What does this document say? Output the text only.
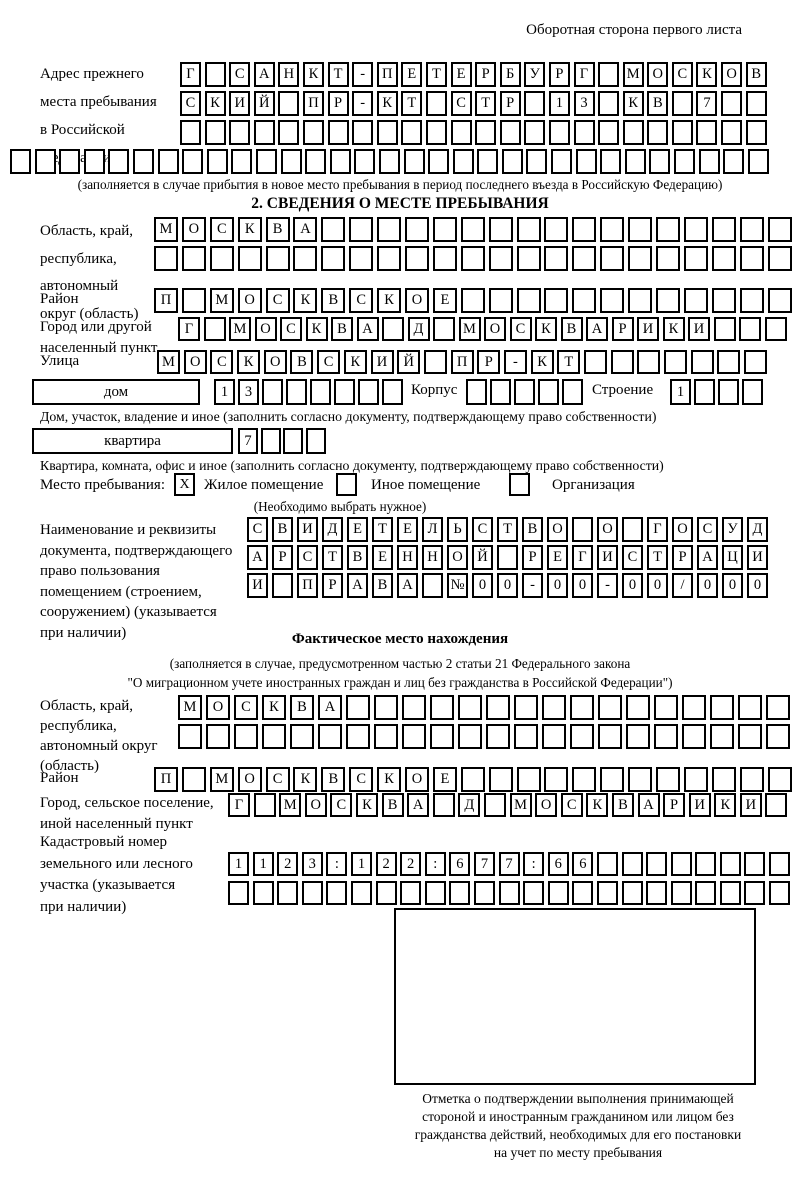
Оборотная сторона первого листа
Адрес прежнего
места пребывания
в Российской
Г	С	А Н	К	Т	-	П	Е	Т	Е	Р	Б	У	Р	Г	М О	С	К	О	В
С	К	И Й	П	Р	-	К	Т	С	Т	Р	1	3	К	В	7
(заполняется в случае прибытия в новое место пребывания в период последнего въезда в Российскую Федерацию)
2. СВЕДЕНИЯ О МЕСТЕ ПРЕБЫВАНИЯ
Область, край,
республика,
автономный
округ (область)
М	О	С	К	В	А
Район	П	М	О	С	К	В	С	К	О	Е
Город или другой
населенный пункт
Г	М О	С	К	В	А	Д	М О	С	К	В	А	Р	И	К	И
Улица	М	О	С	К	О	В	С	К	И	Й	П	Р	-	К	Т
дом	1	3	Корпус	Строение	1
Дом, участок, владение и иное (заполнить согласно документу, подтверждающему право собственности)
квартира	7
Квартира, комната, офис и иное (заполнить согласно документу, подтверждающему право собственности)
Место пребывания:	X Жилое помещение	Иное помещение	Организация
(Необходимо выбрать нужное)
Наименование и реквизиты
документа, подтверждающего
право пользования
помещением (строением,
сооружением) (указывается
при наличии)
С	В	И	Д	Е	Т	Е	Л	Ь	С	Т	В	О	О	Г	О	С	У	Д
А	Р	С	Т	В	Е	Н	Н	О	Й	Р	Е	Г	И	С	Т	Р	А	Ц	И
И	П	Р	А	В	А	№ 0	0	-	0	0	-	0	0	/	0	0	0
Фактическое место нахождения
(заполняется в случае, предусмотренном частью 2 статьи 21 Федерального закона
"О миграционном учете иностранных граждан и лиц без гражданства в Российской Федерации")
Область, край,
республика,
автономный округ
(область)
М	О	С	К	В	А
Район	П	М	О	С	К	В	С	К	О	Е
Город, сельское поселение,
иной населенный пункт
Г	М О	С	К	В	А	Д	М О	С	К	В	А	Р	И	К	И
Кадастровый номер
земельного или лесного
участка (указывается
при наличии)
1	1	2	3	:	1	2	2	:	6	7	7	:	6	6
Отметка о подтверждении выполнения принимающей
стороной и иностранным гражданином или лицом без
гражданства действий, необходимых для его постановки
на учет по месту пребывания
